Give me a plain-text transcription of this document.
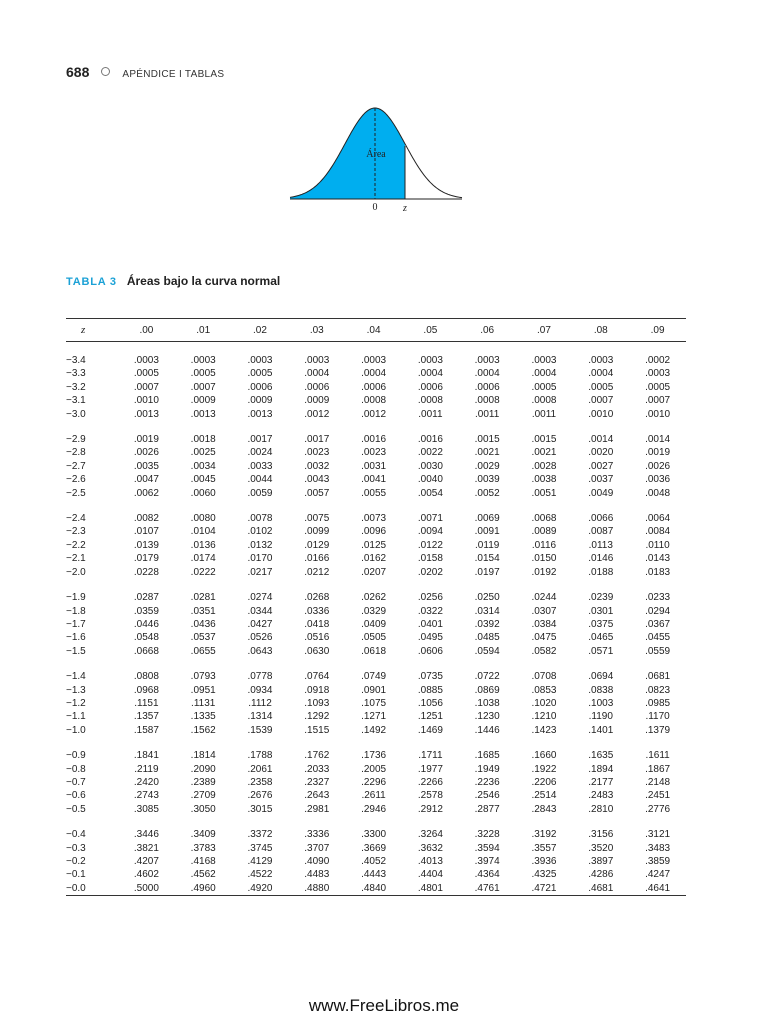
688	APÉNDICE I TABLAS
Área
0	z
TABLA 3 Áreas bajo la curva normal
z	.00	.01	.02	.03	.04	.05	.06	.07	.08	.09

−3.4	.0003	.0003	.0003	.0003	.0003	.0003	.0003	.0003	.0003	.0002
−3.3	.0005	.0005	.0005	.0004	.0004	.0004	.0004	.0004	.0004	.0003
−3.2	.0007	.0007	.0006	.0006	.0006	.0006	.0006	.0005	.0005	.0005
−3.1	.0010	.0009	.0009	.0009	.0008	.0008	.0008	.0008	.0007	.0007
−3.0	.0013	.0013	.0013	.0012	.0012	.0011	.0011	.0011	.0010	.0010

−2.9	.0019	.0018	.0017	.0017	.0016	.0016	.0015	.0015	.0014	.0014
−2.8	.0026	.0025	.0024	.0023	.0023	.0022	.0021	.0021	.0020	.0019
−2.7	.0035	.0034	.0033	.0032	.0031	.0030	.0029	.0028	.0027	.0026
−2.6	.0047	.0045	.0044	.0043	.0041	.0040	.0039	.0038	.0037	.0036
−2.5	.0062	.0060	.0059	.0057	.0055	.0054	.0052	.0051	.0049	.0048

−2.4	.0082	.0080	.0078	.0075	.0073	.0071	.0069	.0068	.0066	.0064
−2.3	.0107	.0104	.0102	.0099	.0096	.0094	.0091	.0089	.0087	.0084
−2.2	.0139	.0136	.0132	.0129	.0125	.0122	.0119	.0116	.0113	.0110
−2.1	.0179	.0174	.0170	.0166	.0162	.0158	.0154	.0150	.0146	.0143
−2.0	.0228	.0222	.0217	.0212	.0207	.0202	.0197	.0192	.0188	.0183

−1.9	.0287	.0281	.0274	.0268	.0262	.0256	.0250	.0244	.0239	.0233
−1.8	.0359	.0351	.0344	.0336	.0329	.0322	.0314	.0307	.0301	.0294
−1.7	.0446	.0436	.0427	.0418	.0409	.0401	.0392	.0384	.0375	.0367
−1.6	.0548	.0537	.0526	.0516	.0505	.0495	.0485	.0475	.0465	.0455
−1.5	.0668	.0655	.0643	.0630	.0618	.0606	.0594	.0582	.0571	.0559

−1.4	.0808	.0793	.0778	.0764	.0749	.0735	.0722	.0708	.0694	.0681
−1.3	.0968	.0951	.0934	.0918	.0901	.0885	.0869	.0853	.0838	.0823
−1.2	.1151	.1131	.1112	.1093	.1075	.1056	.1038	.1020	.1003	.0985
−1.1	.1357	.1335	.1314	.1292	.1271	.1251	.1230	.1210	.1190	.1170
−1.0	.1587	.1562	.1539	.1515	.1492	.1469	.1446	.1423	.1401	.1379

−0.9	.1841	.1814	.1788	.1762	.1736	.1711	.1685	.1660	.1635	.1611
−0.8	.2119	.2090	.2061	.2033	.2005	.1977	.1949	.1922	.1894	.1867
−0.7	.2420	.2389	.2358	.2327	.2296	.2266	.2236	.2206	.2177	.2148
−0.6	.2743	.2709	.2676	.2643	.2611	.2578	.2546	.2514	.2483	.2451
−0.5	.3085	.3050	.3015	.2981	.2946	.2912	.2877	.2843	.2810	.2776

−0.4	.3446	.3409	.3372	.3336	.3300	.3264	.3228	.3192	.3156	.3121
−0.3	.3821	.3783	.3745	.3707	.3669	.3632	.3594	.3557	.3520	.3483
−0.2	.4207	.4168	.4129	.4090	.4052	.4013	.3974	.3936	.3897	.3859
−0.1	.4602	.4562	.4522	.4483	.4443	.4404	.4364	.4325	.4286	.4247
−0.0	.5000	.4960	.4920	.4880	.4840	.4801	.4761	.4721	.4681	.4641
www.FreeLibros.me
